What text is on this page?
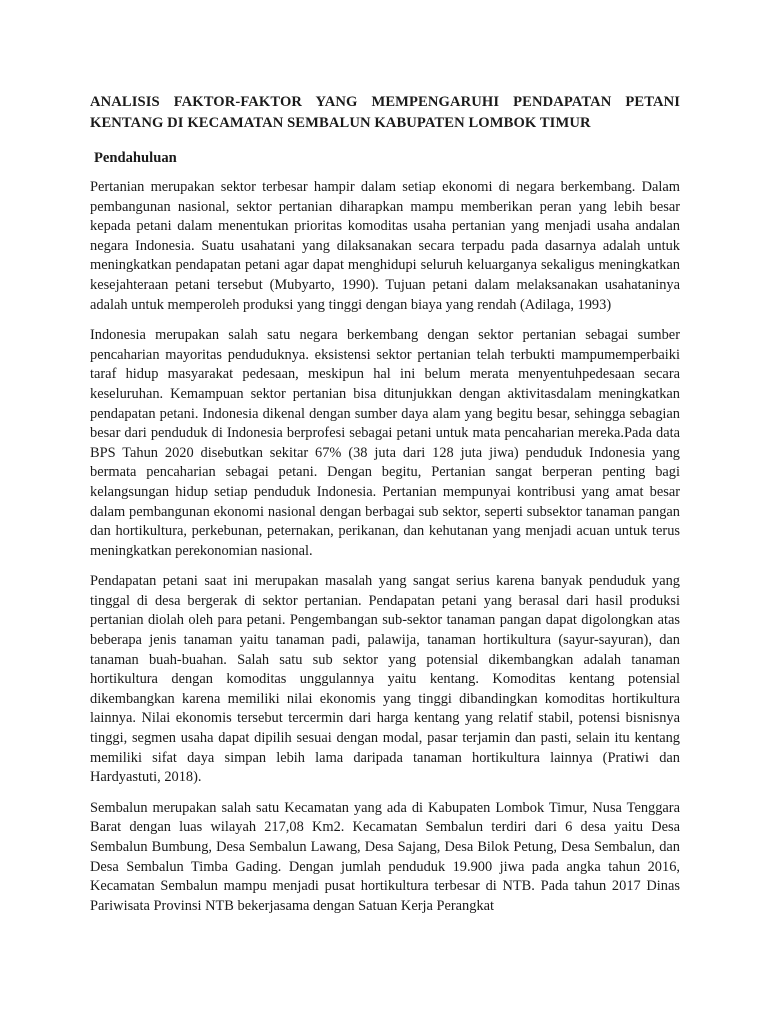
ANALISIS FAKTOR-FAKTOR YANG MEMPENGARUHI PENDAPATAN PETANI KENTANG DI KECAMATAN SEMBALUN KABUPATEN LOMBOK TIMUR
Pendahuluan

Pertanian merupakan sektor terbesar hampir dalam setiap ekonomi di negara berkembang. Dalam pembangunan nasional, sektor pertanian diharapkan mampu memberikan peran yang lebih besar kepada petani dalam menentukan prioritas komoditas usaha pertanian yang menjadi usaha andalan negara Indonesia. Suatu usahatani yang dilaksanakan secara terpadu pada dasarnya adalah untuk meningkatkan pendapatan petani agar dapat menghidupi seluruh keluarganya sekaligus meningkatkan kesejahteraan petani tersebut (Mubyarto, 1990). Tujuan petani dalam melaksanakan usahataninya adalah untuk memperoleh produksi yang tinggi dengan biaya yang rendah (Adilaga, 1993)

Indonesia merupakan salah satu negara berkembang dengan sektor pertanian sebagai sumber pencaharian mayoritas penduduknya. eksistensi sektor pertanian telah terbukti mampumemperbaiki taraf hidup masyarakat pedesaan, meskipun hal ini belum merata menyentuhpedesaan secara keseluruhan. Kemampuan sektor pertanian bisa ditunjukkan dengan aktivitasdalam meningkatkan pendapatan petani. Indonesia dikenal dengan sumber daya alam yang begitu besar, sehingga sebagian besar dari penduduk di Indonesia berprofesi sebagai petani untuk mata pencaharian mereka.Pada data BPS Tahun 2020 disebutkan sekitar 67% (38 juta dari 128 juta jiwa) penduduk Indonesia yang bermata pencaharian sebagai petani. Dengan begitu, Pertanian sangat berperan penting bagi kelangsungan hidup setiap penduduk Indonesia. Pertanian mempunyai kontribusi yang amat besar dalam pembangunan ekonomi nasional dengan berbagai sub sektor, seperti subsektor tanaman pangan dan hortikultura, perkebunan, peternakan, perikanan, dan kehutanan yang menjadi acuan untuk terus meningkatkan perekonomian nasional.

Pendapatan petani saat ini merupakan masalah yang sangat serius karena banyak penduduk yang tinggal di desa bergerak di sektor pertanian. Pendapatan petani yang berasal dari hasil produksi pertanian diolah oleh para petani. Pengembangan sub-sektor tanaman pangan dapat digolongkan atas beberapa jenis tanaman yaitu tanaman padi, palawija, tanaman hortikultura (sayur-sayuran), dan tanaman buah-buahan. Salah satu sub sektor yang potensial dikembangkan adalah tanaman hortikultura dengan komoditas unggulannya yaitu kentang. Komoditas kentang potensial dikembangkan karena memiliki nilai ekonomis yang tinggi dibandingkan komoditas hortikultura lainnya. Nilai ekonomis tersebut tercermin dari harga kentang yang relatif stabil, potensi bisnisnya tinggi, segmen usaha dapat dipilih sesuai dengan modal, pasar terjamin dan pasti, selain itu kentang memiliki sifat daya simpan lebih lama daripada tanaman hortikultura lainnya (Pratiwi dan Hardyastuti, 2018).

Sembalun merupakan salah satu Kecamatan yang ada di Kabupaten Lombok Timur, Nusa Tenggara Barat dengan luas wilayah 217,08 Km2. Kecamatan Sembalun terdiri dari 6 desa yaitu Desa Sembalun Bumbung, Desa Sembalun Lawang, Desa Sajang, Desa Bilok Petung, Desa Sembalun, dan Desa Sembalun Timba Gading. Dengan jumlah penduduk 19.900 jiwa pada angka tahun 2016, Kecamatan Sembalun mampu menjadi pusat hortikultura terbesar di NTB. Pada tahun 2017 Dinas Pariwisata Provinsi NTB bekerjasama dengan Satuan Kerja Perangkat
